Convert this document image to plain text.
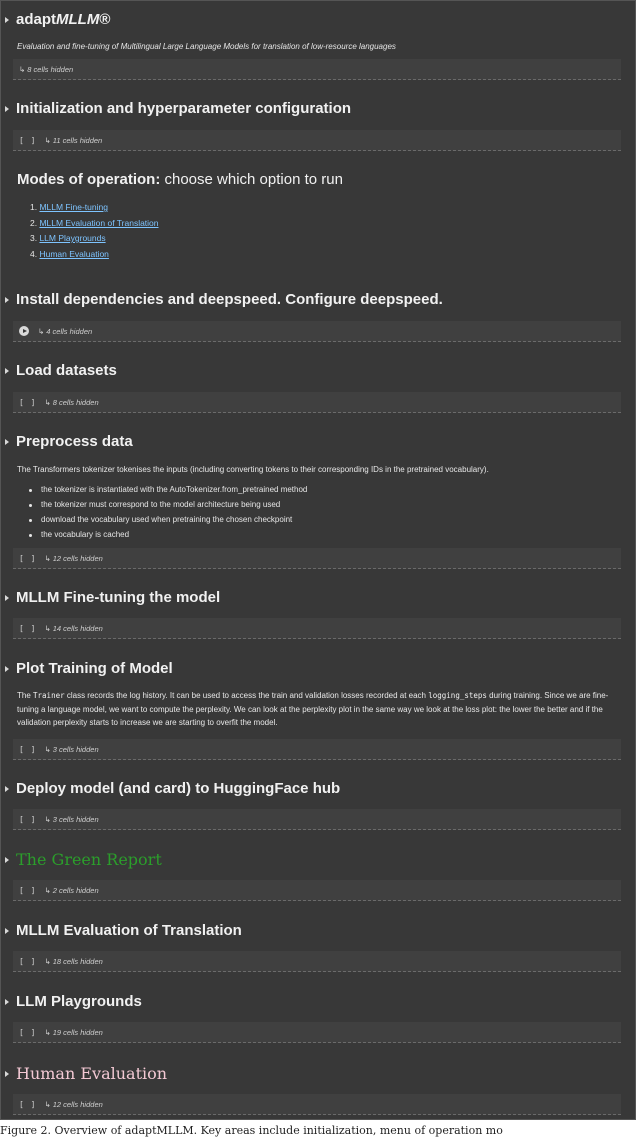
adaptMLLM®
Evaluation and fine-tuning of Multilingual Large Language Models for translation of low-resource languages
↳ 8 cells hidden
Initialization and hyperparameter configuration
[ ] ↳ 11 cells hidden
Modes of operation: choose which option to run
1. MLLM Fine-tuning
2. MLLM Evaluation of Translation
3. LLM Playgrounds
4. Human Evaluation
Install dependencies and deepspeed. Configure deepspeed.
↳ 4 cells hidden
Load datasets
[ ] ↳ 8 cells hidden
Preprocess data
The Transformers tokenizer tokenises the inputs (including converting tokens to their corresponding IDs in the pretrained vocabulary).
the tokenizer is instantiated with the AutoTokenizer.from_pretrained method
the tokenizer must correspond to the model architecture being used
download the vocabulary used when pretraining the chosen checkpoint
the vocabulary is cached
[ ] ↳ 12 cells hidden
MLLM Fine-tuning the model
[ ] ↳ 14 cells hidden
Plot Training of Model
The Trainer class records the log history. It can be used to access the train and validation losses recorded at each logging_steps during training. Since we are fine-tuning a language model, we want to compute the perplexity. We can look at the perplexity plot in the same way we look at the loss plot: the lower the better and if the validation perplexity starts to increase we are starting to overfit the model.
[ ] ↳ 3 cells hidden
Deploy model (and card) to HuggingFace hub
[ ] ↳ 3 cells hidden
The Green Report
[ ] ↳ 2 cells hidden
MLLM Evaluation of Translation
[ ] ↳ 18 cells hidden
LLM Playgrounds
[ ] ↳ 19 cells hidden
Human Evaluation
[ ] ↳ 12 cells hidden
Figure 2. Overview of adaptMLLM. Key areas include initialization, menu of operation mo
